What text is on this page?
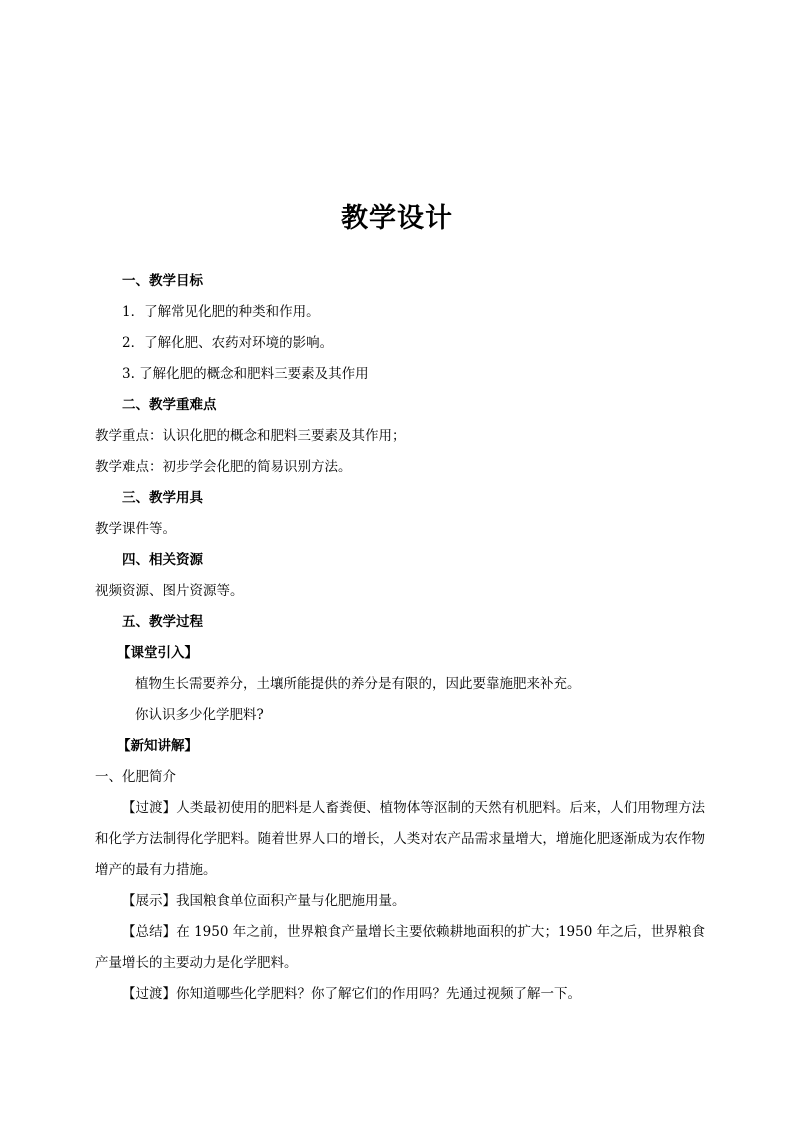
教学设计
一、教学目标
1．了解常见化肥的种类和作用。
2．了解化肥、农药对环境的影响。
3. 了解化肥的概念和肥料三要素及其作用
二、教学重难点
教学重点：认识化肥的概念和肥料三要素及其作用；
教学难点：初步学会化肥的简易识别方法。
三、教学用具
教学课件等。
四、相关资源
视频资源、图片资源等。
五、教学过程
【课堂引入】
植物生长需要养分，土壤所能提供的养分是有限的，因此要靠施肥来补充。
你认识多少化学肥料?
【新知讲解】
一、化肥简介
【过渡】人类最初使用的肥料是人畜粪便、植物体等沤制的天然有机肥料。后来，人们用物理方法和化学方法制得化学肥料。随着世界人口的增长，人类对农产品需求量增大，增施化肥逐渐成为农作物增产的最有力措施。
【展示】我国粮食单位面积产量与化肥施用量。
【总结】在 1950 年之前，世界粮食产量增长主要依赖耕地面积的扩大；1950 年之后，世界粮食产量增长的主要动力是化学肥料。
【过渡】你知道哪些化学肥料？你了解它们的作用吗？先通过视频了解一下。
